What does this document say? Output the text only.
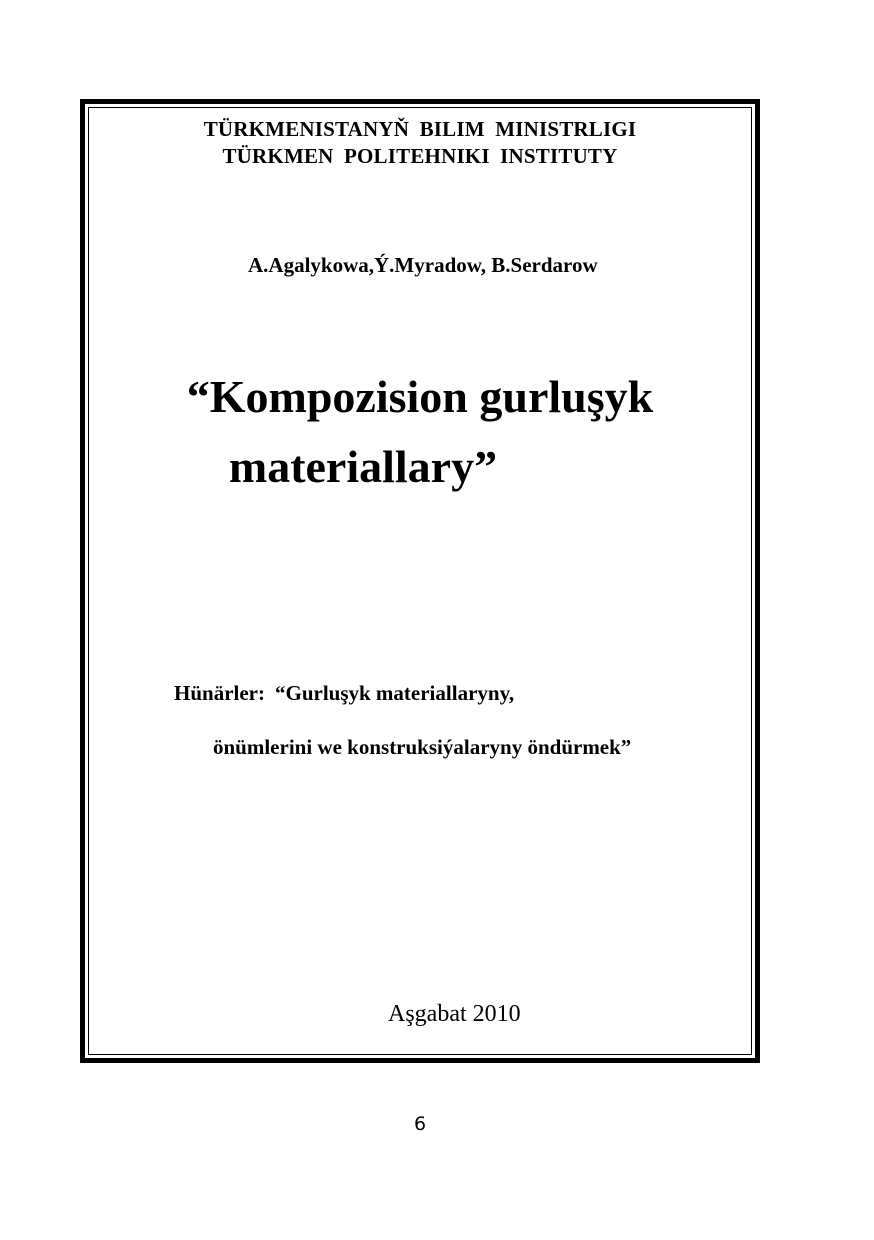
TÜRKMENISTANYŇ BILIM MINISTRLIGI
TÜRKMEN POLITEHNIKI INSTITUTY
A.Agalykowa,Ý.Myradow, B.Serdarow
“Kompozision gurluşyk
materiallary”
Hünärler: “Gurluşyk materiallaryny,
önümlerini we konstruksiýalaryny öndürmek”
Aşgabat 2010
6
